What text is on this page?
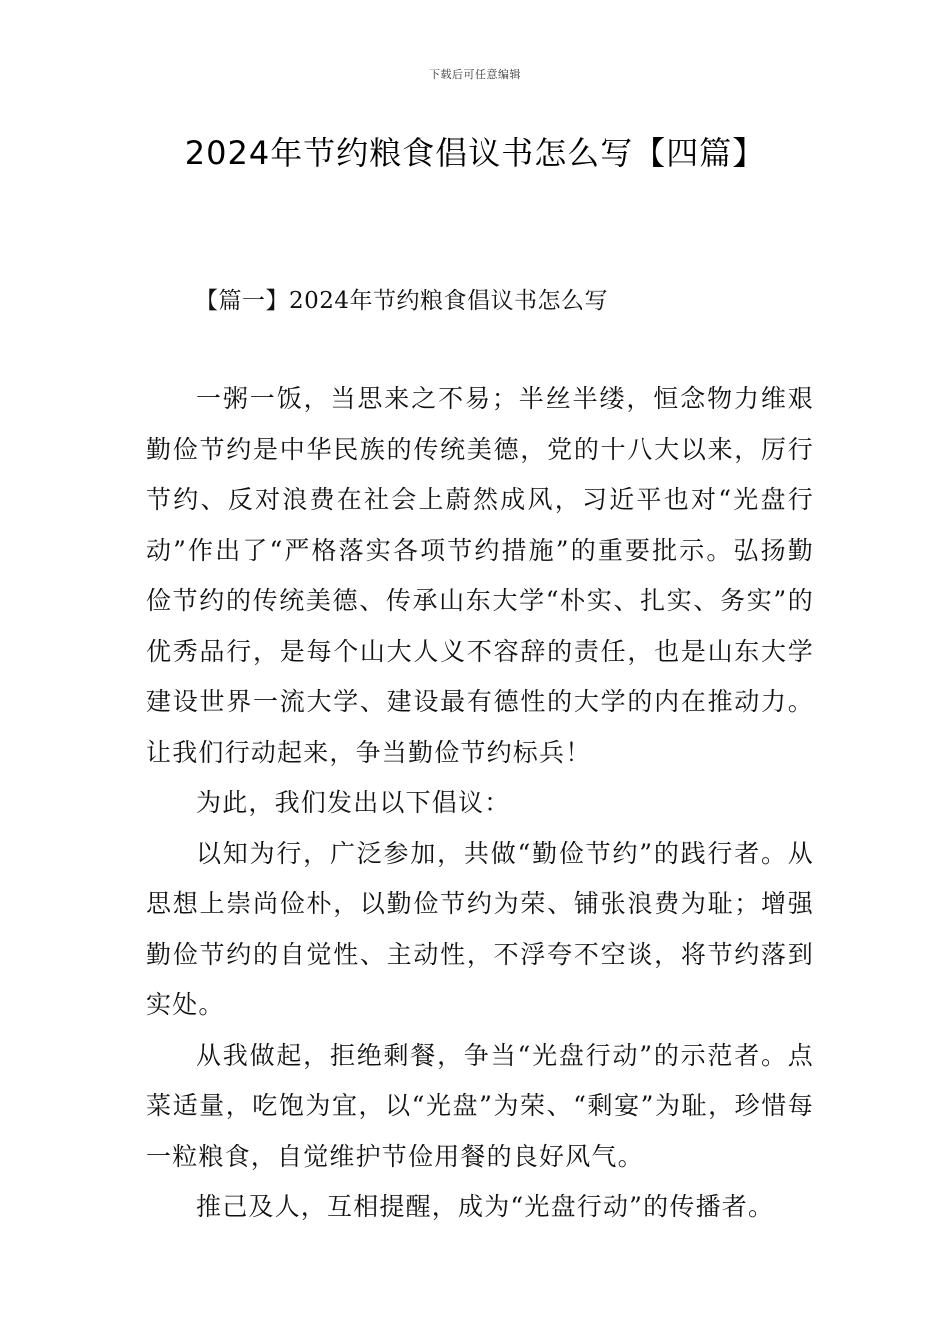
下载后可任意编辑
2024年节约粮食倡议书怎么写【四篇】
【篇一】2024年节约粮食倡议书怎么写

一粥一饭，当思来之不易；半丝半缕，恒念物力维艰勤俭节约是中华民族的传统美德，党的十八大以来，厉行节约、反对浪费在社会上蔚然成风，习近平也对“光盘行动”作出了“严格落实各项节约措施”的重要批示。弘扬勤俭节约的传统美德、传承山东大学“朴实、扎实、务实”的优秀品行，是每个山大人义不容辞的责任，也是山东大学建设世界一流大学、建设最有德性的大学的内在推动力。让我们行动起来，争当勤俭节约标兵！

为此，我们发出以下倡议：

以知为行，广泛参加，共做“勤俭节约”的践行者。从思想上崇尚俭朴，以勤俭节约为荣、铺张浪费为耻；增强勤俭节约的自觉性、主动性，不浮夸不空谈，将节约落到实处。

从我做起，拒绝剩餐，争当“光盘行动”的示范者。点菜适量，吃饱为宜，以“光盘”为荣、“剩宴”为耻，珍惜每一粒粮食，自觉维护节俭用餐的良好风气。

推己及人，互相提醒，成为“光盘行动”的传播者。
